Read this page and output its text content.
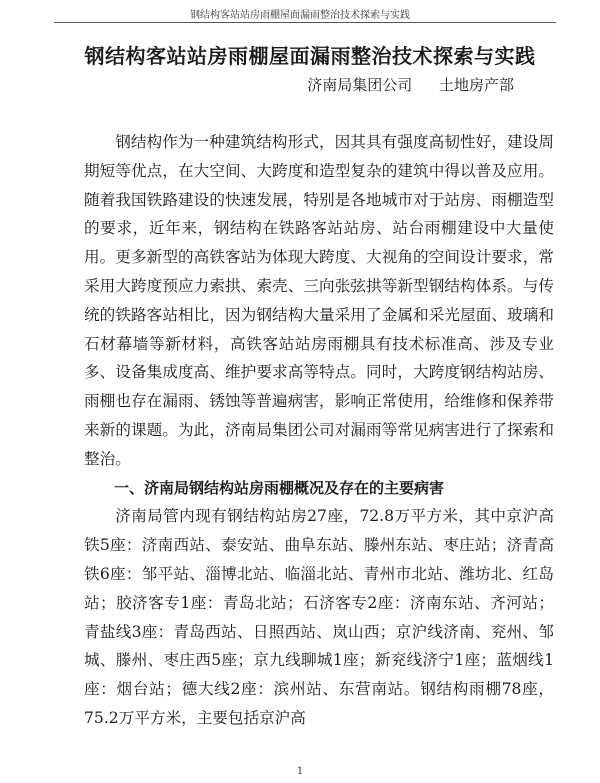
钢结构客站站房雨棚屋面漏雨整治技术探索与实践
钢结构客站站房雨棚屋面漏雨整治技术探索与实践
济南局集团公司 土地房产部

钢结构作为一种建筑结构形式，因其具有强度高韧性好，建设周期短等优点，在大空间、大跨度和造型复杂的建筑中得以普及应用。随着我国铁路建设的快速发展，特别是各地城市对于站房、雨棚造型的要求，近年来，钢结构在铁路客站站房、站台雨棚建设中大量使用。更多新型的高铁客站为体现大跨度、大视角的空间设计要求，常采用大跨度预应力索拱、索壳、三向张弦拱等新型钢结构体系。与传统的铁路客站相比，因为钢结构大量采用了金属和采光屋面、玻璃和石材幕墙等新材料，高铁客站站房雨棚具有技术标准高、涉及专业多、设备集成度高、维护要求高等特点。同时，大跨度钢结构站房、雨棚也存在漏雨、锈蚀等普遍病害，影响正常使用，给维修和保养带来新的课题。为此，济南局集团公司对漏雨等常见病害进行了探索和整治。

一、济南局钢结构站房雨棚概况及存在的主要病害

济南局管内现有钢结构站房27座，72.8万平方米，其中京沪高铁5座：济南西站、泰安站、曲阜东站、滕州东站、枣庄站；济青高铁6座：邹平站、淄博北站、临淄北站、青州市北站、潍坊北、红岛站；胶济客专1座：青岛北站；石济客专2座：济南东站、齐河站；青盐线3座：青岛西站、日照西站、岚山西；京沪线济南、兖州、邹城、滕州、枣庄西5座；京九线聊城1座；新兖线济宁1座；蓝烟线1座：烟台站；德大线2座：滨州站、东营南站。钢结构雨棚78座，75.2万平方米，主要包括京沪高

1
